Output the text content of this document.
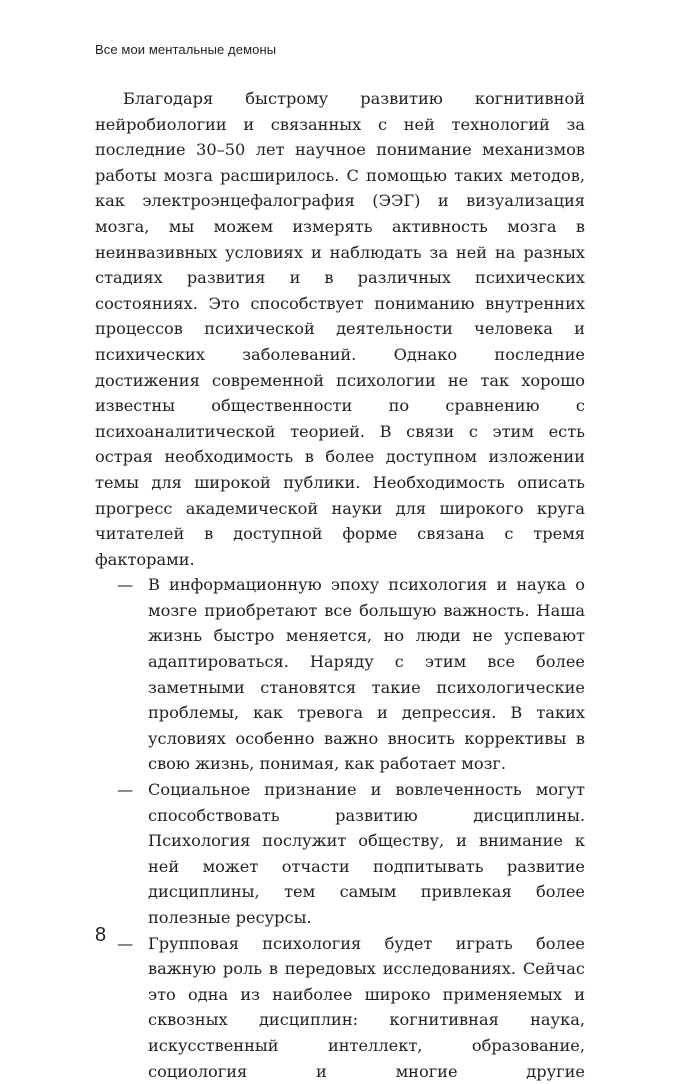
Все мои ментальные демоны

Благодаря быстрому развитию когнитивной нейробиологии и связанных с ней технологий за последние 30–50 лет научное понимание механизмов работы мозга расширилось. С помощью таких методов, как электроэнцефалография (ЭЭГ) и визуализация мозга, мы можем измерять активность мозга в неинвазивных условиях и наблюдать за ней на разных стадиях развития и в различных психических состояниях. Это способствует пониманию внутренних процессов психической деятельности человека и психических заболеваний. Однако последние достижения современной психологии не так хорошо известны общественности по сравнению с психоаналитической теорией. В связи с этим есть острая необходимость в более доступном изложении темы для широкой публики. Необходимость описать прогресс академической науки для широкого круга читателей в доступной форме связана с тремя факторами.

— В информационную эпоху психология и наука о мозге приобретают все большую важность. Наша жизнь быстро меняется, но люди не успевают адаптироваться. Наряду с этим все более заметными становятся такие психологические проблемы, как тревога и депрессия. В таких условиях особенно важно вносить коррективы в свою жизнь, понимая, как работает мозг.
— Социальное признание и вовлеченность могут способствовать развитию дисциплины. Психология послужит обществу, и внимание к ней может отчасти подпитывать развитие дисциплины, тем самым привлекая более полезные ресурсы.
— Групповая психология будет играть более важную роль в передовых исследованиях. Сейчас это одна из наиболее широко применяемых и сквозных дисциплин: когнитивная наука, искусственный интеллект, образование, социология и многие другие
8
